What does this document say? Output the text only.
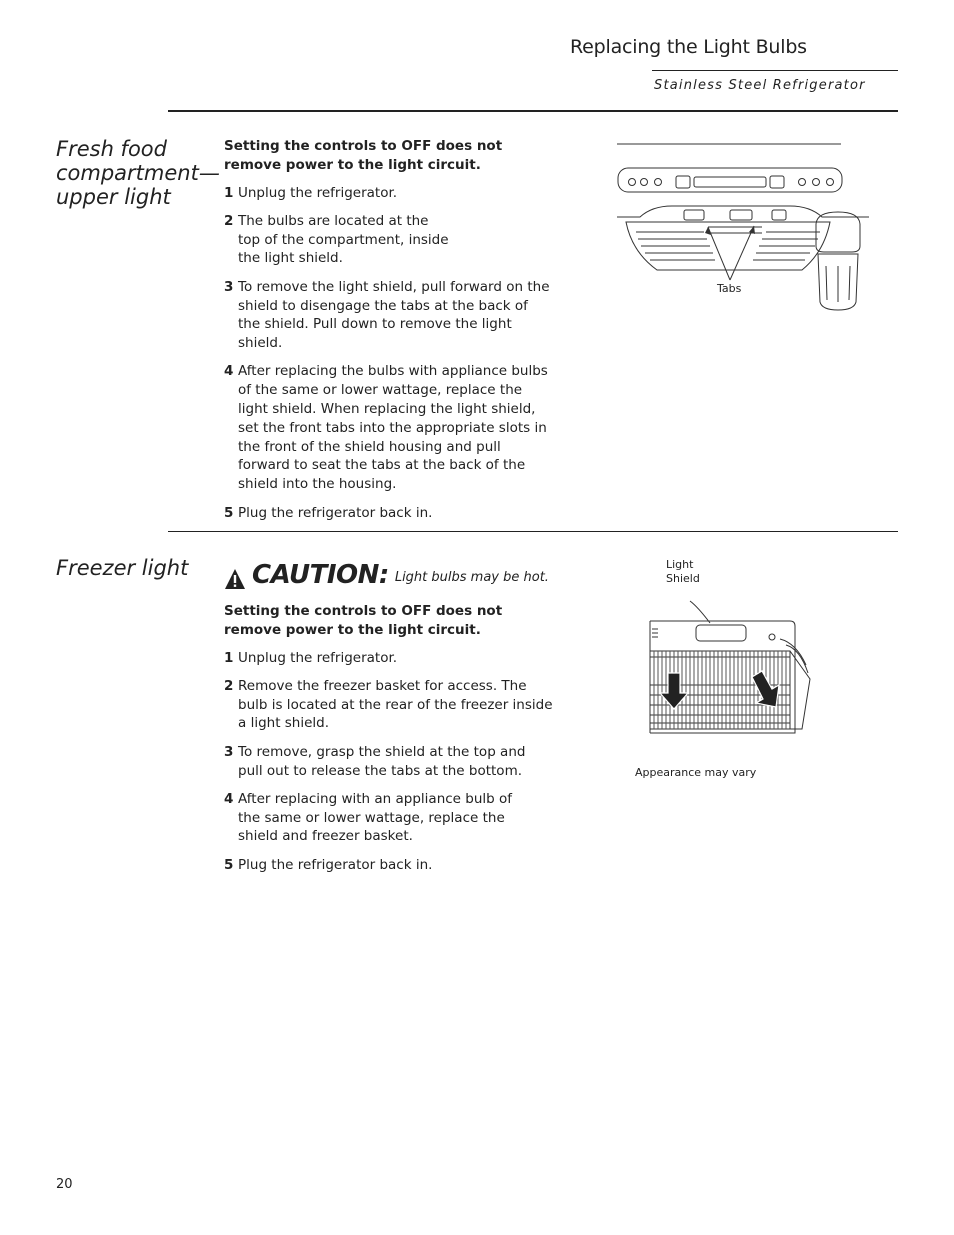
Replacing the Light Bulbs
Stainless Steel Refrigerator
Fresh food
compartment—
upper light

Setting the controls to OFF does not remove power to the light circuit.

1 Unplug the refrigerator.
2 The bulbs are located at the top of the compartment, inside the light shield.
3 To remove the light shield, pull forward on the shield to disengage the tabs at the back of the shield. Pull down to remove the light shield.
4 After replacing the bulbs with appliance bulbs of the same or lower wattage, replace the light shield. When replacing the light shield, set the front tabs into the appropriate slots in the front of the shield housing and pull forward to seat the tabs at the back of the shield into the housing.
5 Plug the refrigerator back in.
Tabs
Freezer light CAUTION: Light bulbs may be hot.

Setting the controls to OFF does not remove power to the light circuit.

1 Unplug the refrigerator.
2 Remove the freezer basket for access. The bulb is located at the rear of the freezer inside a light shield.
3 To remove, grasp the shield at the top and pull out to release the tabs at the bottom.
4 After replacing with an appliance bulb of the same or lower wattage, replace the shield and freezer basket.
5 Plug the refrigerator back in.
Light
Shield
Appearance may vary
20
